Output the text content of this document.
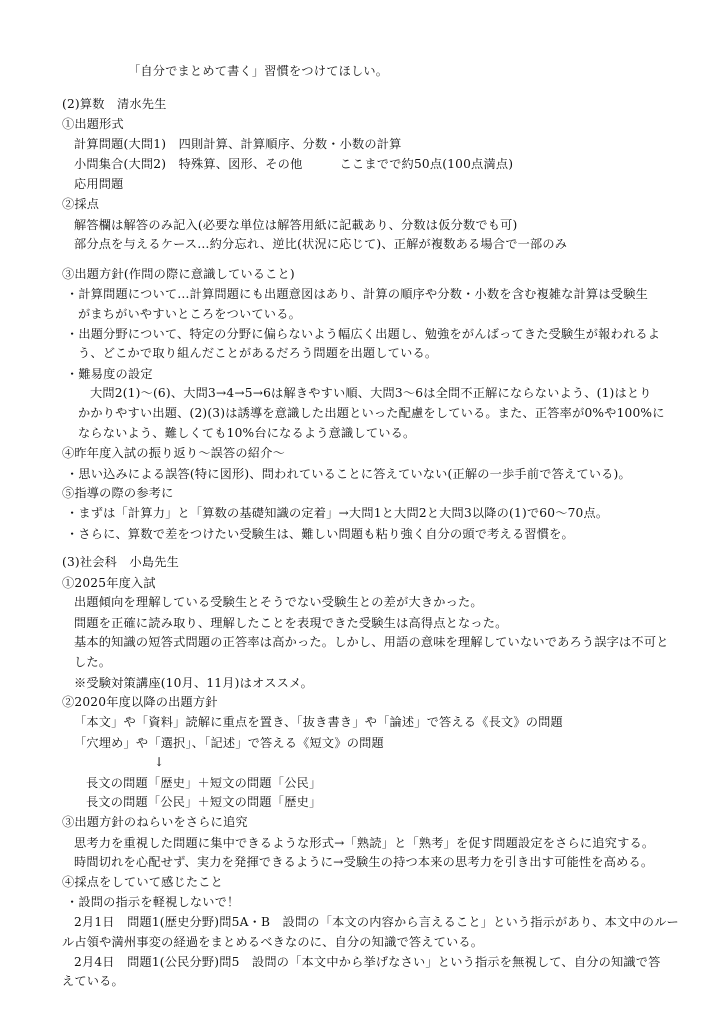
「自分でまとめて書く」習慣をつけてほしい。
(2)算数　清水先生
①出題形式
計算問題(大問1)　四則計算、計算順序、分数・小数の計算
小問集合(大問2)　特殊算、図形、その他　　　ここまでで約50点(100点満点)
応用問題
②採点
解答欄は解答のみ記入(必要な単位は解答用紙に記載あり、分数は仮分数でも可)
部分点を与えるケース…約分忘れ、逆比(状況に応じて)、正解が複数ある場合で一部のみ
③出題方針(作問の際に意識していること)
・計算問題について…計算問題にも出題意図はあり、計算の順序や分数・小数を含む複雑な計算は受験生
がまちがいやすいところをついている。
・出題分野について、特定の分野に偏らないよう幅広く出題し、勉強をがんばってきた受験生が報われるよ
う、どこかで取り組んだことがあるだろう問題を出題している。
・難易度の設定
大問2(1)〜(6)、大問3→4→5→6は解きやすい順、大問3〜6は全問不正解にならないよう、(1)はとり
かかりやすい出題、(2)(3)は誘導を意識した出題といった配慮をしている。また、正答率が0%や100%に
ならないよう、難しくても10%台になるよう意識している。
④昨年度入試の振り返り〜誤答の紹介〜
・思い込みによる誤答(特に図形)、問われていることに答えていない(正解の一歩手前で答えている)。
⑤指導の際の参考に
・まずは「計算力」と「算数の基礎知識の定着」→大問1と大問2と大問3以降の(1)で60〜70点。
・さらに、算数で差をつけたい受験生は、難しい問題も粘り強く自分の頭で考える習慣を。
(3)社会科　小島先生
①2025年度入試
出題傾向を理解している受験生とそうでない受験生との差が大きかった。
問題を正確に読み取り、理解したことを表現できた受験生は高得点となった。
基本的知識の短答式問題の正答率は高かった。しかし、用語の意味を理解していないであろう誤字は不可と
した。
※受験対策講座(10月、11月)はオススメ。
②2020年度以降の出題方針
「本文」や「資料」読解に重点を置き、「抜き書き」や「論述」で答える《長文》の問題
「穴埋め」や「選択」、「記述」で答える《短文》の問題
↓
長文の問題「歴史」＋短文の問題「公民」
長文の問題「公民」＋短文の問題「歴史」
③出題方針のねらいをさらに追究
思考力を重視した問題に集中できるような形式→「熟読」と「熟考」を促す問題設定をさらに追究する。
時間切れを心配せず、実力を発揮できるように→受験生の持つ本来の思考力を引き出す可能性を高める。
④採点をしていて感じたこと
・設問の指示を軽視しないで！
2月1日　問題1(歴史分野)問5A・B　設問の「本文の内容から言えること」という指示があり、本文中のルー
ル占領や満州事変の経過をまとめるべきなのに、自分の知識で答えている。
2月4日　問題1(公民分野)問5　設問の「本文中から挙げなさい」という指示を無視して、自分の知識で答
えている。
